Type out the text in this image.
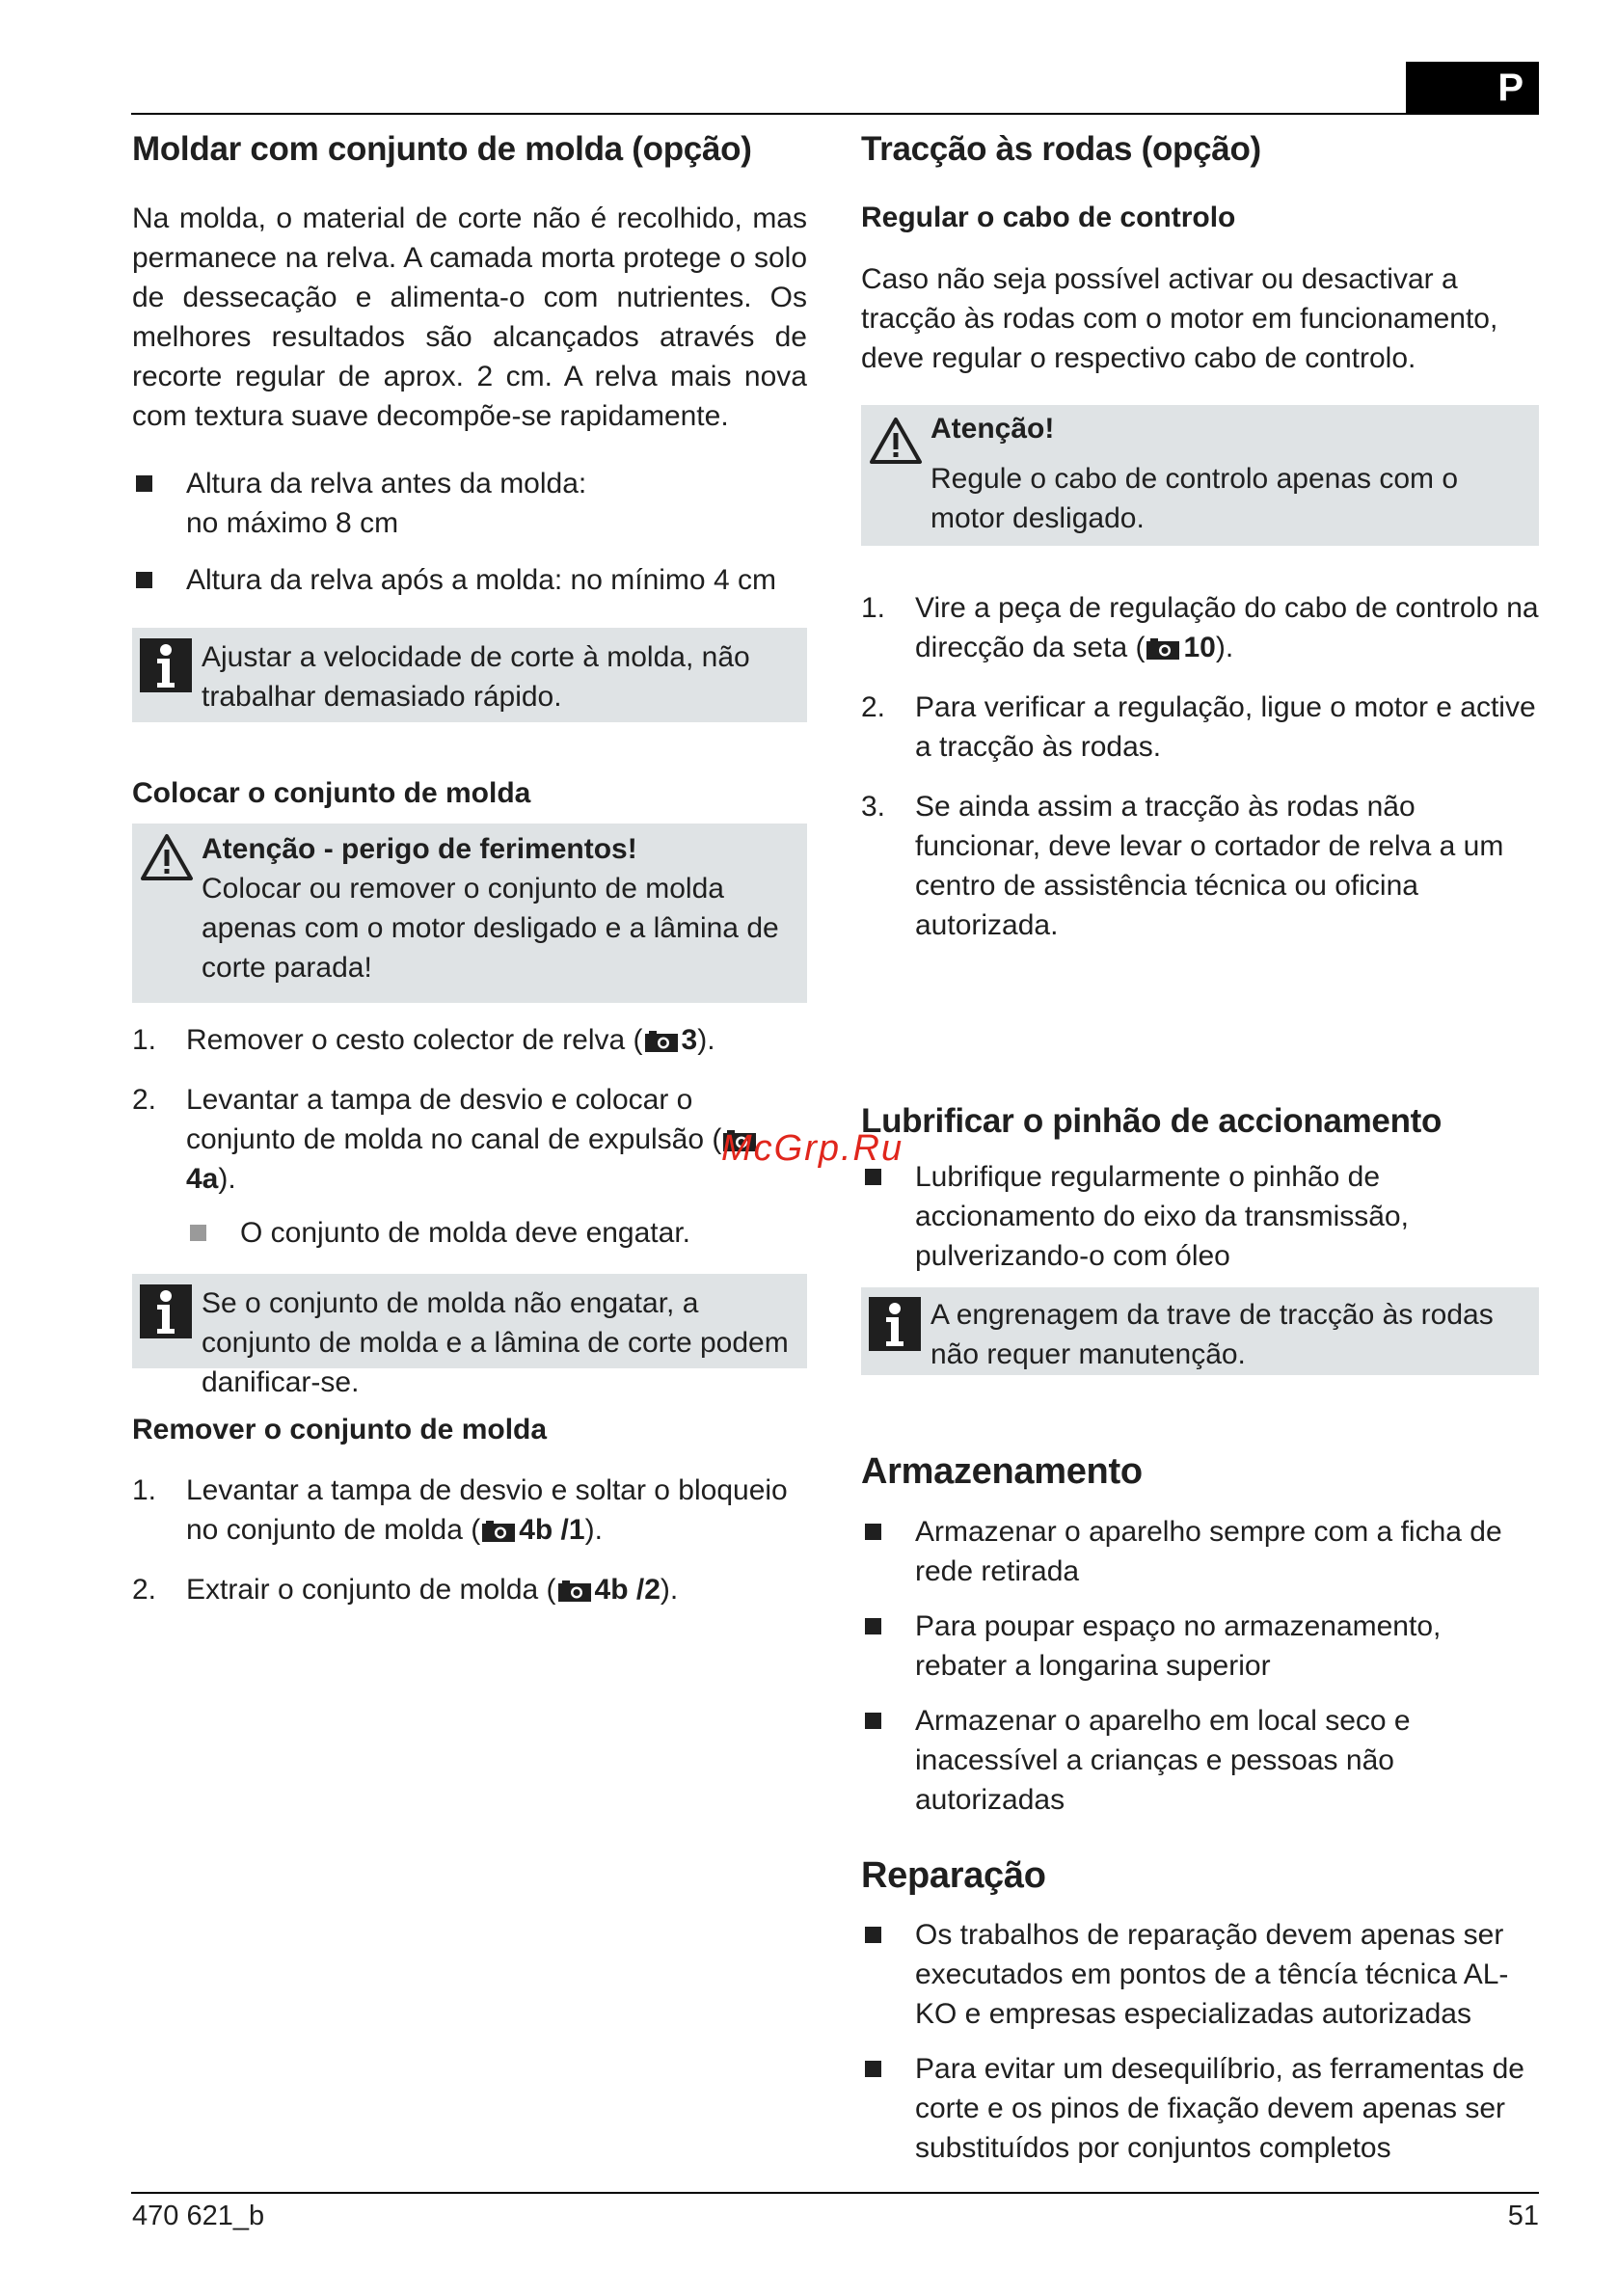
P
Moldar com conjunto de molda (opção)

Na molda, o material de corte não é recolhido, mas permanece na relva. A camada morta protege o solo de dessecação e alimenta-o com nutrientes. Os melhores resultados são alcançados através de recorte regular de aprox. 2 cm. A relva mais nova com textura suave decompõe-se rapidamente.

Altura da relva antes da molda:
no máximo 8 cm
Altura da relva após a molda: no mínimo 4 cm
Ajustar a velocidade de corte à molda, não trabalhar demasiado rápido.
Colocar o conjunto de molda
Atenção - perigo de ferimentos!
Colocar ou remover o conjunto de molda apenas com o motor desligado e a lâmina de corte parada!
1. Remover o cesto colector de relva ( 3).
2. Levantar a tampa de desvio e colocar o conjunto de molda no canal de expulsão (4a).
O conjunto de molda deve engatar.
Se o conjunto de molda não engatar, a conjunto de molda e a lâmina de corte podem danificar-se.
Remover o conjunto de molda
1. Levantar a tampa de desvio e soltar o bloqueio no conjunto de molda ( 4b /1).
2. Extrair o conjunto de molda ( 4b /2).
Tracção às rodas (opção)
Regular o cabo de controlo

Caso não seja possível activar ou desactivar a tracção às rodas com o motor em funcionamento, deve regular o respectivo cabo de controlo.

Atenção!
Regule o cabo de controlo apenas com o motor desligado.
1. Vire a peça de regulação do cabo de controlo na direcção da seta ( 10).
2. Para verificar a regulação, ligue o motor e active a tracção às rodas.
3. Se ainda assim a tracção às rodas não funcionar, deve levar o cortador de relva a um centro de assistência técnica ou oficina autorizada.
Lubrificar o pinhão de accionamento
Lubrifique regularmente o pinhão de accionamento do eixo da transmissão, pulverizando-o com óleo
A engrenagem da trave de tracção às rodas não requer manutenção.
Armazenamento
Armazenar o aparelho sempre com a ficha de rede retirada
Para poupar espaço no armazenamento, rebater a longarina superior
Armazenar o aparelho em local seco e inacessível a crianças e pessoas não autorizadas
Reparação
Os trabalhos de reparação devem apenas ser executados em pontos de a têncía técnica AL-KO e empresas especializadas autorizadas
Para evitar um desequilíbrio, as ferramentas de corte e os pinos de fixação devem apenas ser substituídos por conjuntos completos
McGrp.Ru
470 621_b	51
